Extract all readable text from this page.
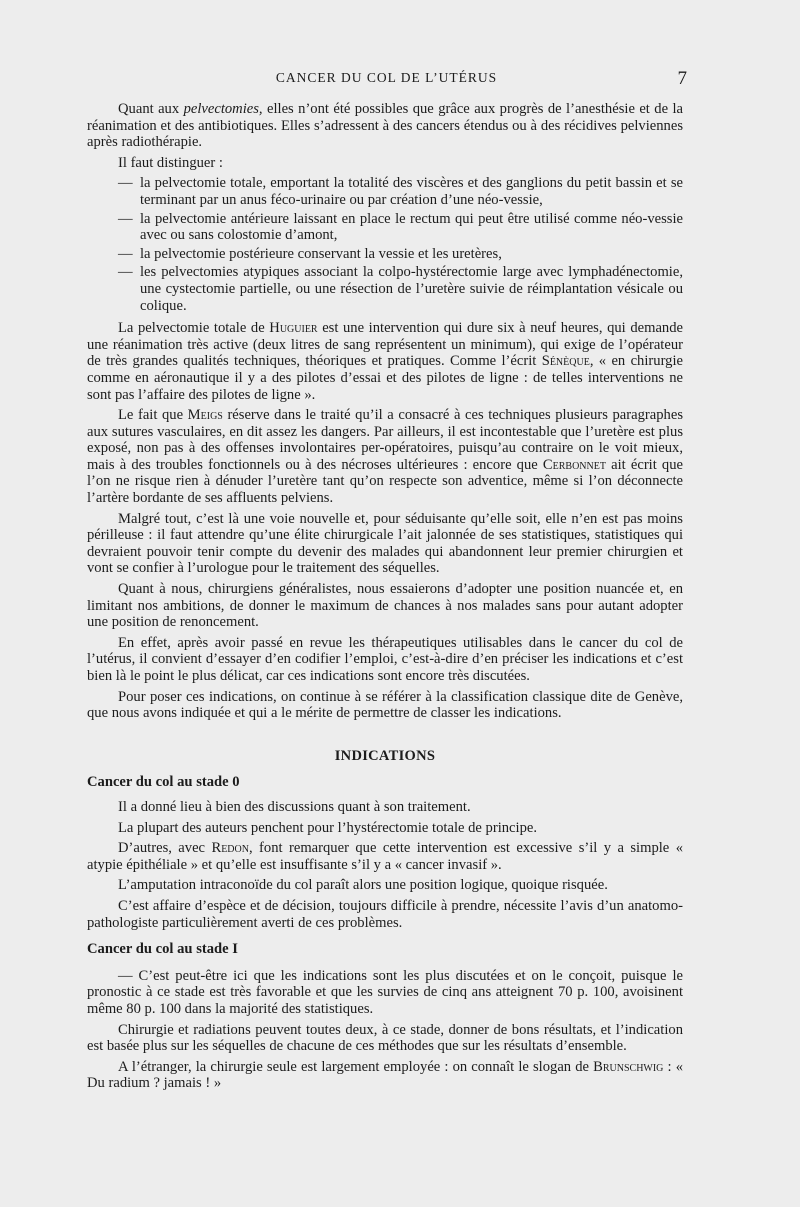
CANCER DU COL DE L’UTÉRUS	7

Quant aux pelvectomies, elles n’ont été possibles que grâce aux progrès de l’anesthésie et de la réanimation et des antibiotiques. Elles s’adressent à des cancers étendus ou à des récidives pelviennes après radiothérapie.

Il faut distinguer :

— la pelvectomie totale, emportant la totalité des viscères et des ganglions du petit bassin et se terminant par un anus féco-urinaire ou par création d’une néo-vessie,
— la pelvectomie antérieure laissant en place le rectum qui peut être utilisé comme néo-vessie avec ou sans colostomie d’amont,
— la pelvectomie postérieure conservant la vessie et les uretères,
— les pelvectomies atypiques associant la colpo-hystérectomie large avec lymphadénectomie, une cystectomie partielle, ou une résection de l’uretère suivie de réimplantation vésicale ou colique.

La pelvectomie totale de Huguier est une intervention qui dure six à neuf heures, qui demande une réanimation très active (deux litres de sang représentent un minimum), qui exige de l’opérateur de très grandes qualités techniques, théoriques et pratiques. Comme l’écrit Sénèque, « en chirurgie comme en aéronautique il y a des pilotes d’essai et des pilotes de ligne : de telles interventions ne sont pas l’affaire des pilotes de ligne ».

Le fait que Meigs réserve dans le traité qu’il a consacré à ces techniques plusieurs paragraphes aux sutures vasculaires, en dit assez les dangers. Par ailleurs, il est incontestable que l’uretère est plus exposé, non pas à des offenses involontaires per-opératoires, puisqu’au contraire on le voit mieux, mais à des troubles fonctionnels ou à des nécroses ultérieures : encore que Cerbonnet ait écrit que l’on ne risque rien à dénuder l’uretère tant qu’on respecte son adventice, même si l’on déconnecte l’artère bordante de ses affluents pelviens.

Malgré tout, c’est là une voie nouvelle et, pour séduisante qu’elle soit, elle n’en est pas moins périlleuse : il faut attendre qu’une élite chirurgicale l’ait jalonnée de ses statistiques, statistiques qui devraient pouvoir tenir compte du devenir des malades qui abandonnent leur premier chirurgien et vont se confier à l’urologue pour le traitement des séquelles.

Quant à nous, chirurgiens généralistes, nous essaierons d’adopter une position nuancée et, en limitant nos ambitions, de donner le maximum de chances à nos malades sans pour autant adopter une position de renoncement.

En effet, après avoir passé en revue les thérapeutiques utilisables dans le cancer du col de l’utérus, il convient d’essayer d’en codifier l’emploi, c’est-à-dire d’en préciser les indications et c’est bien là le point le plus délicat, car ces indications sont encore très discutées.

Pour poser ces indications, on continue à se référer à la classification classique dite de Genève, que nous avons indiquée et qui a le mérite de permettre de classer les indications.

INDICATIONS
Cancer du col au stade 0

Il a donné lieu à bien des discussions quant à son traitement.

La plupart des auteurs penchent pour l’hystérectomie totale de principe.

D’autres, avec Redon, font remarquer que cette intervention est excessive s’il y a simple « atypie épithéliale » et qu’elle est insuffisante s’il y a « cancer invasif ».

L’amputation intraconoïde du col paraît alors une position logique, quoique risquée.

C’est affaire d’espèce et de décision, toujours difficile à prendre, nécessite l’avis d’un anatomo-pathologiste particulièrement averti de ces problèmes.

Cancer du col au stade I

— C’est peut-être ici que les indications sont les plus discutées et on le conçoit, puisque le pronostic à ce stade est très favorable et que les survies de cinq ans atteignent 70 p. 100, avoisinent même 80 p. 100 dans la majorité des statistiques.

Chirurgie et radiations peuvent toutes deux, à ce stade, donner de bons résultats, et l’indication est basée plus sur les séquelles de chacune de ces méthodes que sur les résultats d’ensemble.

A l’étranger, la chirurgie seule est largement employée : on connaît le slogan de Brunschwig : « Du radium ? jamais ! »
